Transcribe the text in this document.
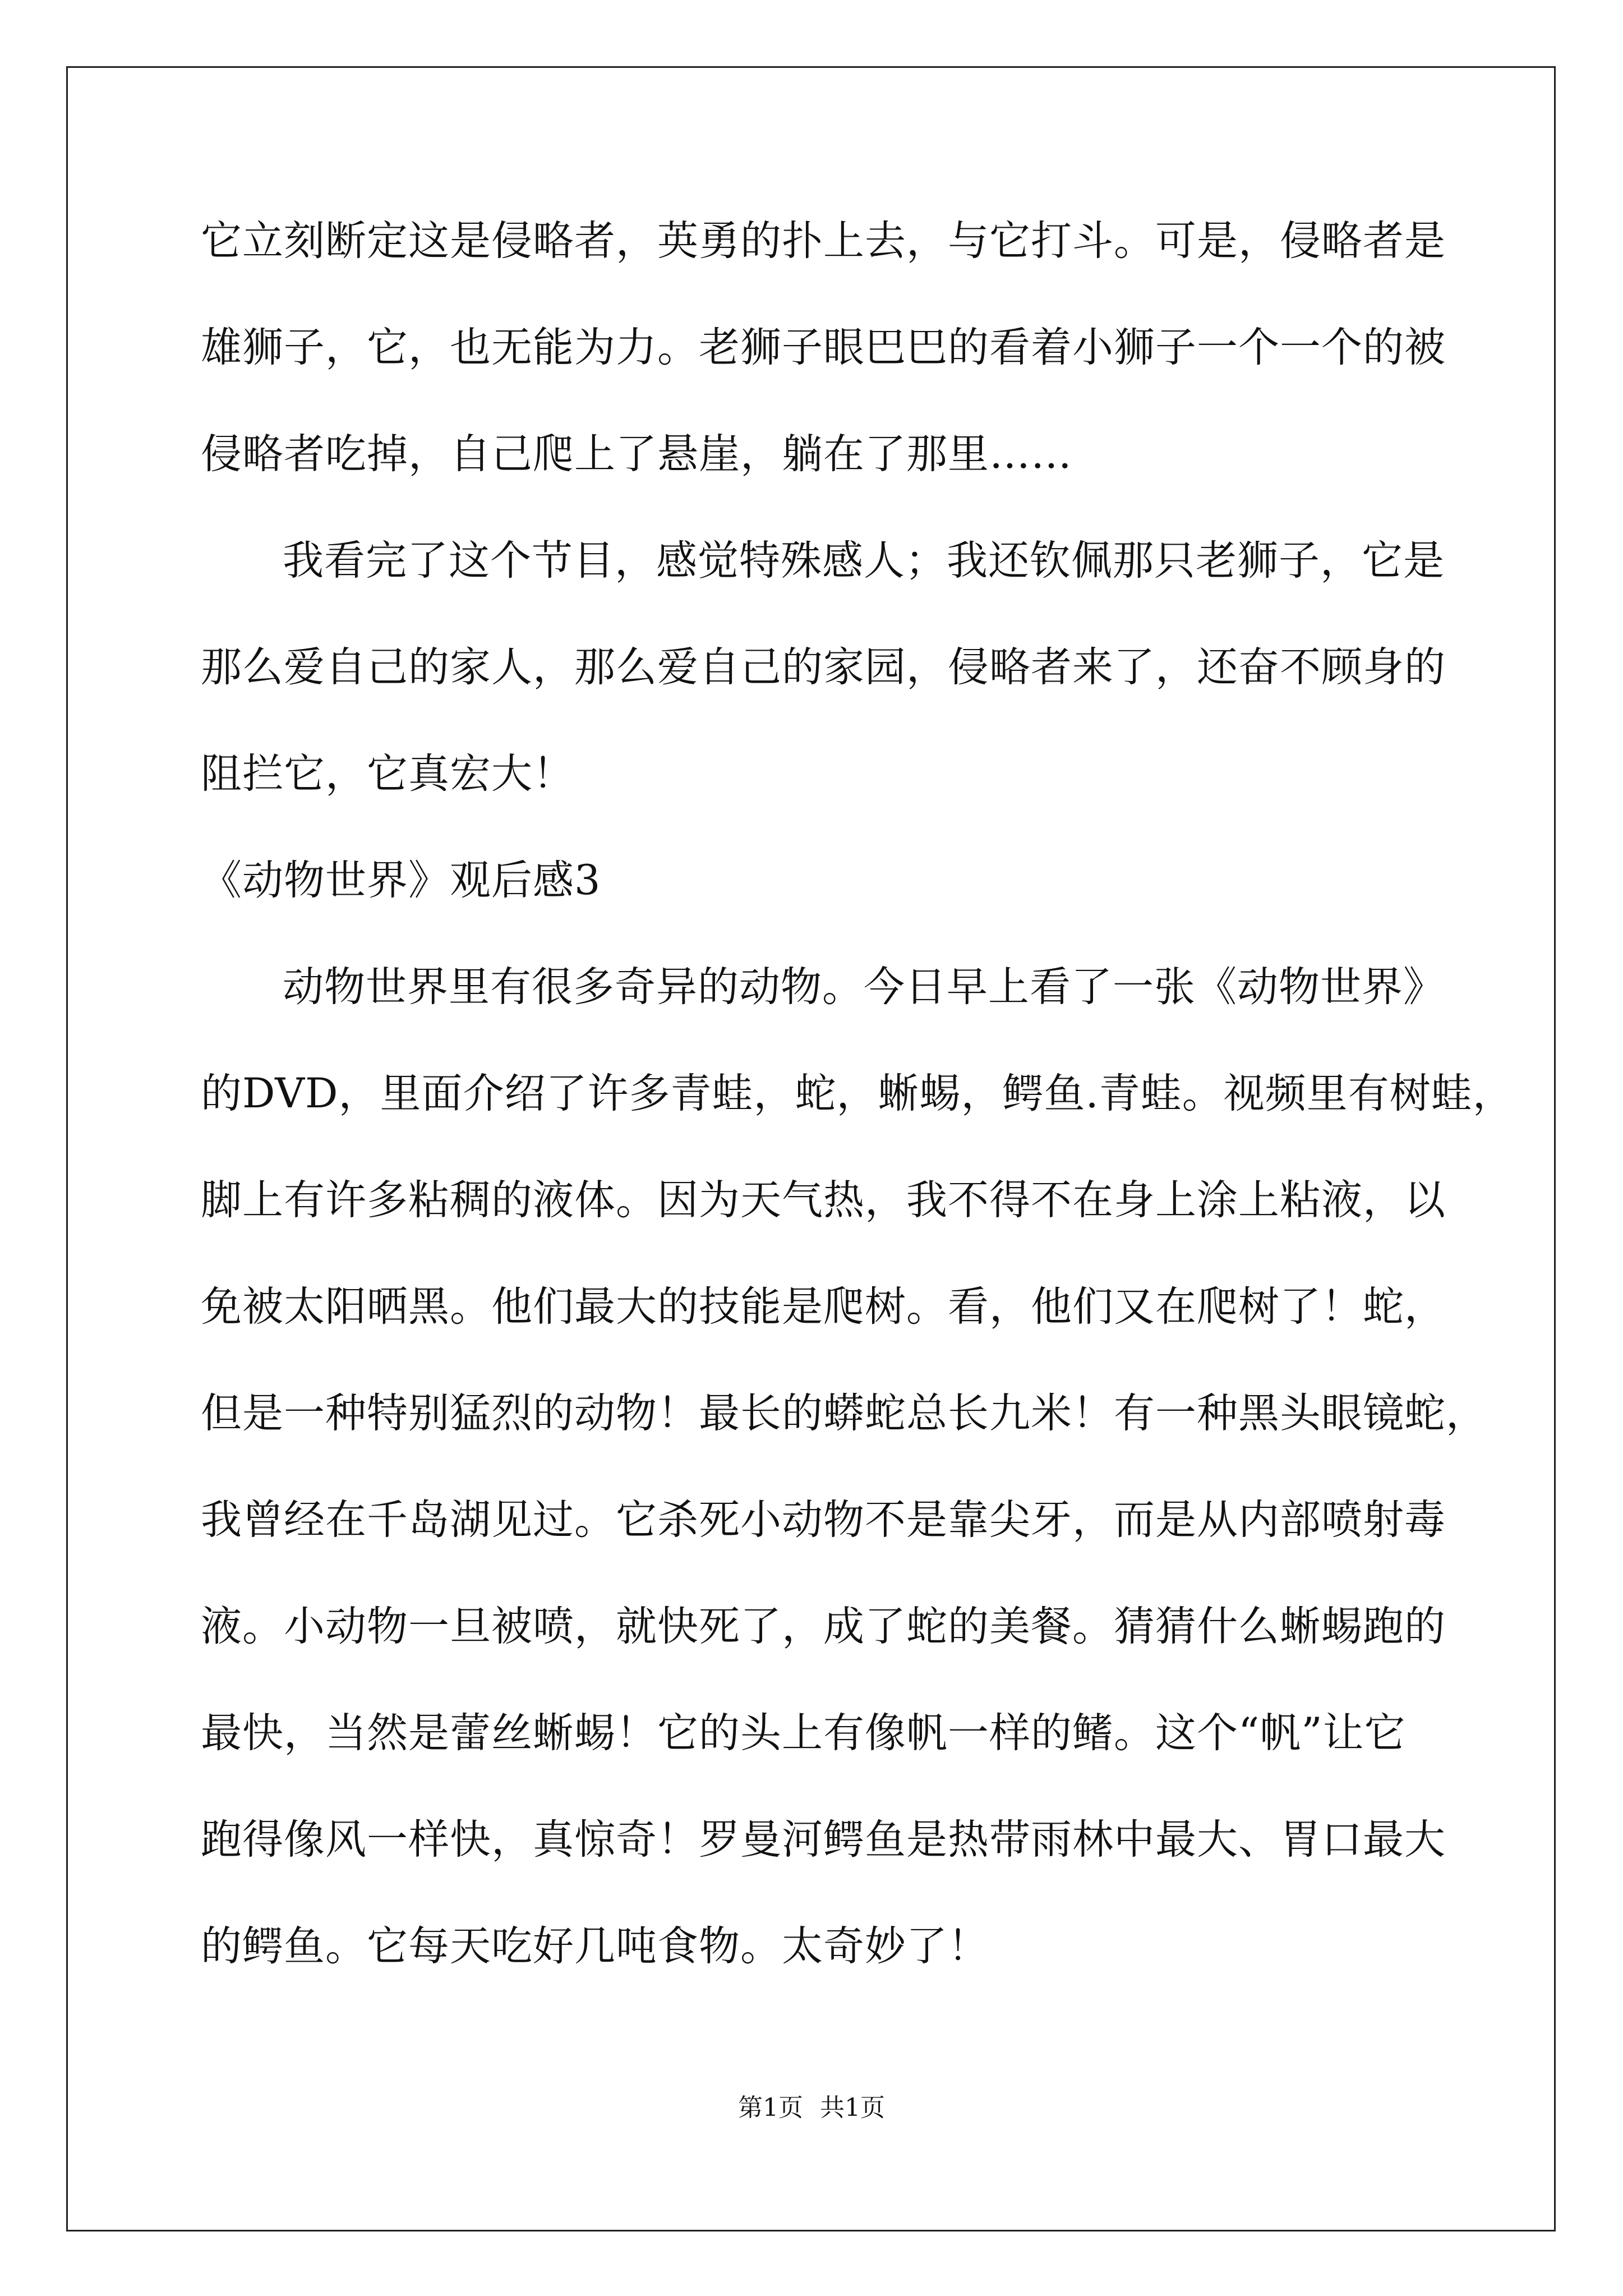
它立刻断定这是侵略者，英勇的扑上去，与它打斗。可是，侵略者是
雄狮子，它，也无能为力。老狮子眼巴巴的看着小狮子一个一个的被
侵略者吃掉，自己爬上了悬崖，躺在了那里……
我看完了这个节目，感觉特殊感人；我还钦佩那只老狮子，它是
那么爱自己的家人，那么爱自己的家园，侵略者来了，还奋不顾身的
阻拦它，它真宏大！
《动物世界》观后感3
动物世界里有很多奇异的动物。今日早上看了一张《动物世界》
的DVD，里面介绍了许多青蛙，蛇，蜥蜴，鳄鱼.青蛙。视频里有树蛙，
脚上有许多粘稠的液体。因为天气热，我不得不在身上涂上粘液，以
免被太阳晒黑。他们最大的技能是爬树。看，他们又在爬树了！蛇，
但是一种特别猛烈的动物！最长的蟒蛇总长九米！有一种黑头眼镜蛇，
我曾经在千岛湖见过。它杀死小动物不是靠尖牙，而是从内部喷射毒
液。小动物一旦被喷，就快死了，成了蛇的美餐。猜猜什么蜥蜴跑的
最快，当然是蕾丝蜥蜴！它的头上有像帆一样的鳍。这个“帆”让它
跑得像风一样快，真惊奇！罗曼河鳄鱼是热带雨林中最大、胃口最大
的鳄鱼。它每天吃好几吨食物。太奇妙了！
第1页 共1页
